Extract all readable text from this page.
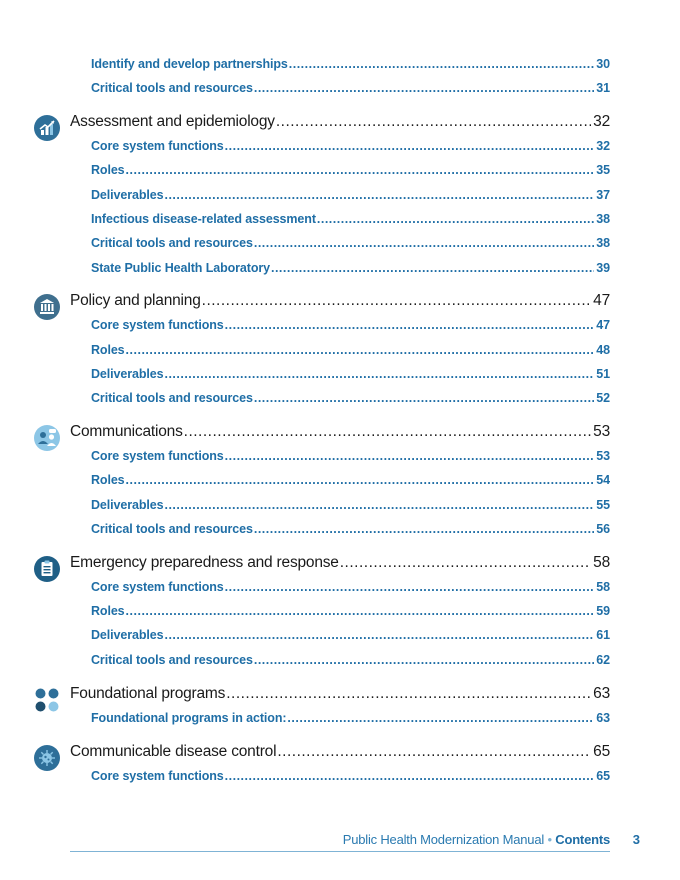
Identify and develop partnerships .....	30
Critical tools and resources .....	31
Assessment and epidemiology .....	32
Core system functions .....	32
Roles .....	35
Deliverables .....	37
Infectious disease-related assessment .....	38
Critical tools and resources .....	38
State Public Health Laboratory .....	39
Policy and planning .....	47
Core system functions .....	47
Roles .....	48
Deliverables .....	51
Critical tools and resources .....	52
Communications .....	53
Core system functions .....	53
Roles .....	54
Deliverables .....	55
Critical tools and resources .....	56
Emergency preparedness and response .....	58
Core system functions .....	58
Roles .....	59
Deliverables .....	61
Critical tools and resources .....	62
Foundational programs .....	63
Foundational programs in action: .....	63
Communicable disease control .....	65
Core system functions .....	65
Public Health Modernization Manual • Contents 3
